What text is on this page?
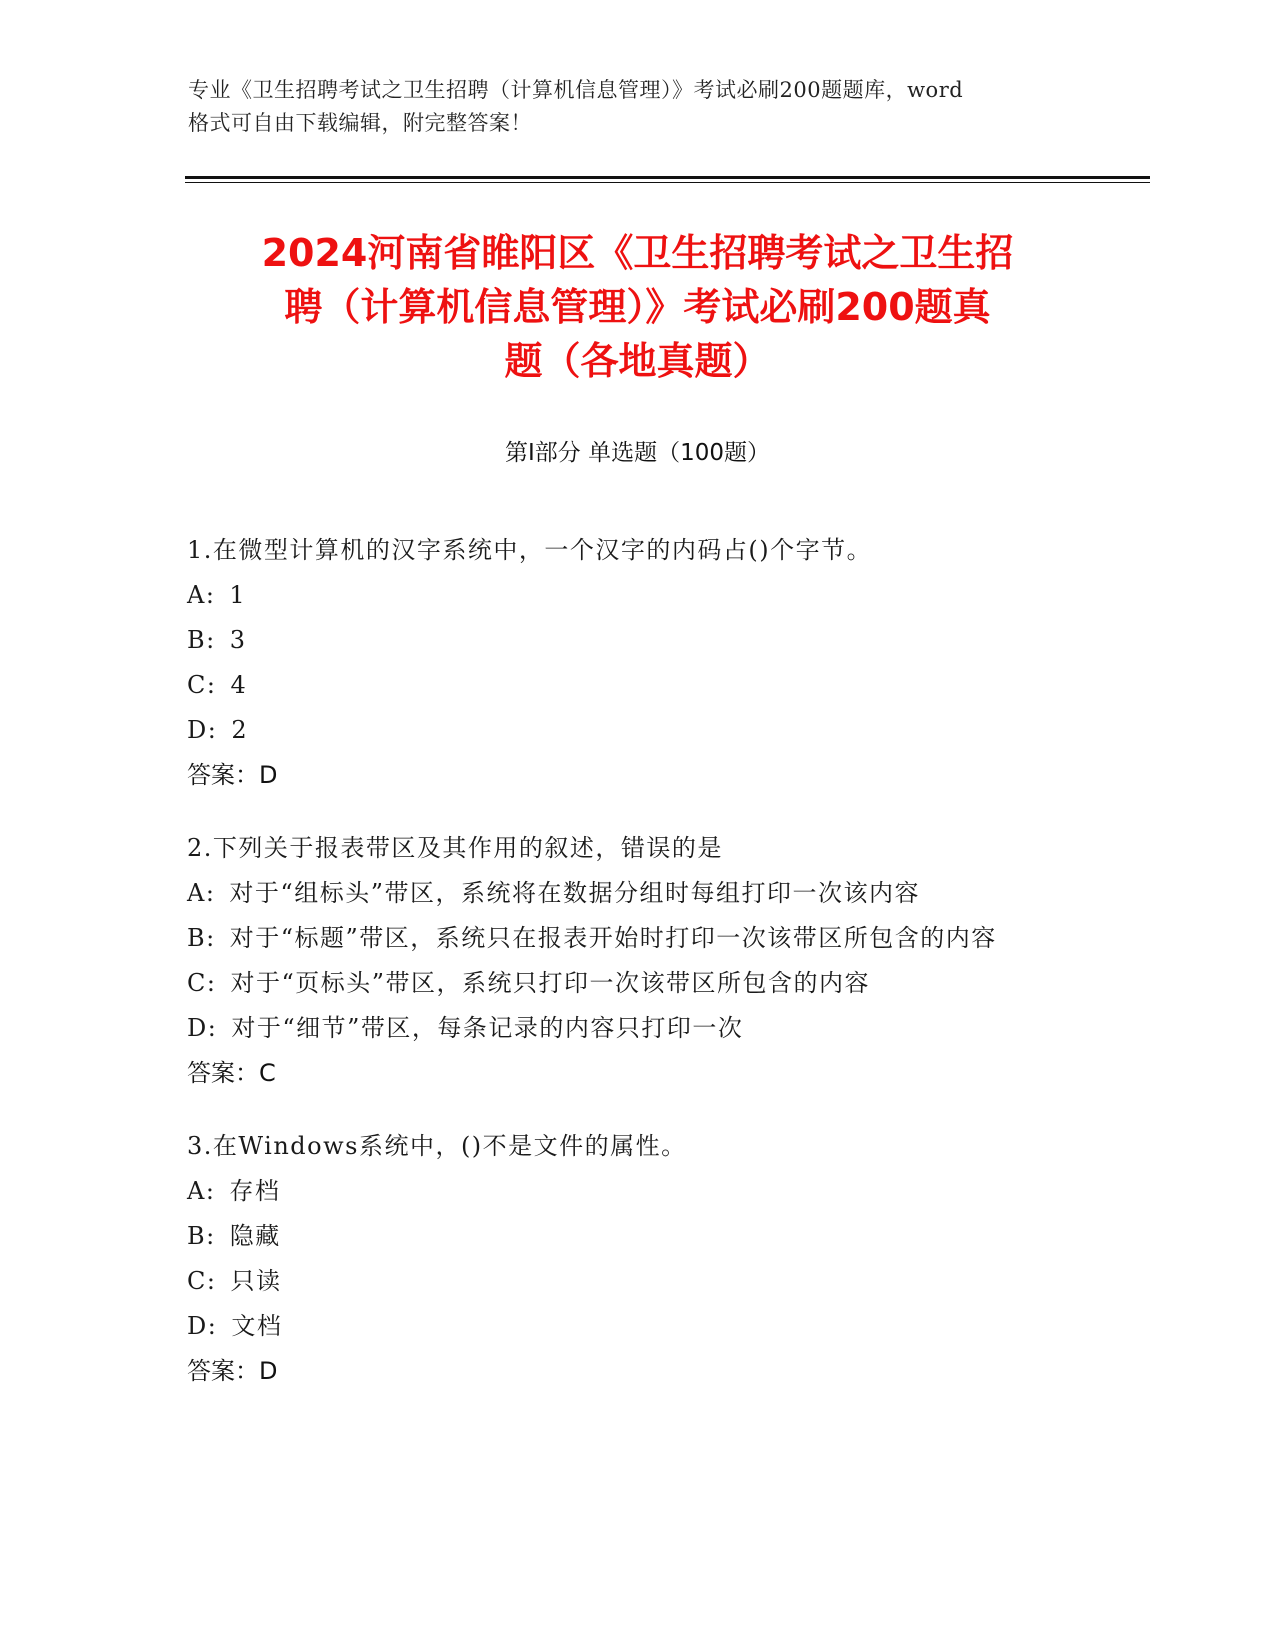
专业《卫生招聘考试之卫生招聘（计算机信息管理）》考试必刷200题题库，word
格式可自由下载编辑，附完整答案！
2024河南省睢阳区《卫生招聘考试之卫生招
聘（计算机信息管理）》考试必刷200题真
题（各地真题）
第Ⅰ部分 单选题（100题）
1.在微型计算机的汉字系统中，一个汉字的内码占()个字节。
A: 1
B: 3
C: 4
D: 2
答案：D
2.下列关于报表带区及其作用的叙述，错误的是
A: 对于“组标头”带区，系统将在数据分组时每组打印一次该内容
B: 对于“标题”带区，系统只在报表开始时打印一次该带区所包含的内容
C: 对于“页标头”带区，系统只打印一次该带区所包含的内容
D: 对于“细节”带区，每条记录的内容只打印一次
答案：C
3.在Windows系统中，()不是文件的属性。
A: 存档
B: 隐藏
C: 只读
D: 文档
答案：D
